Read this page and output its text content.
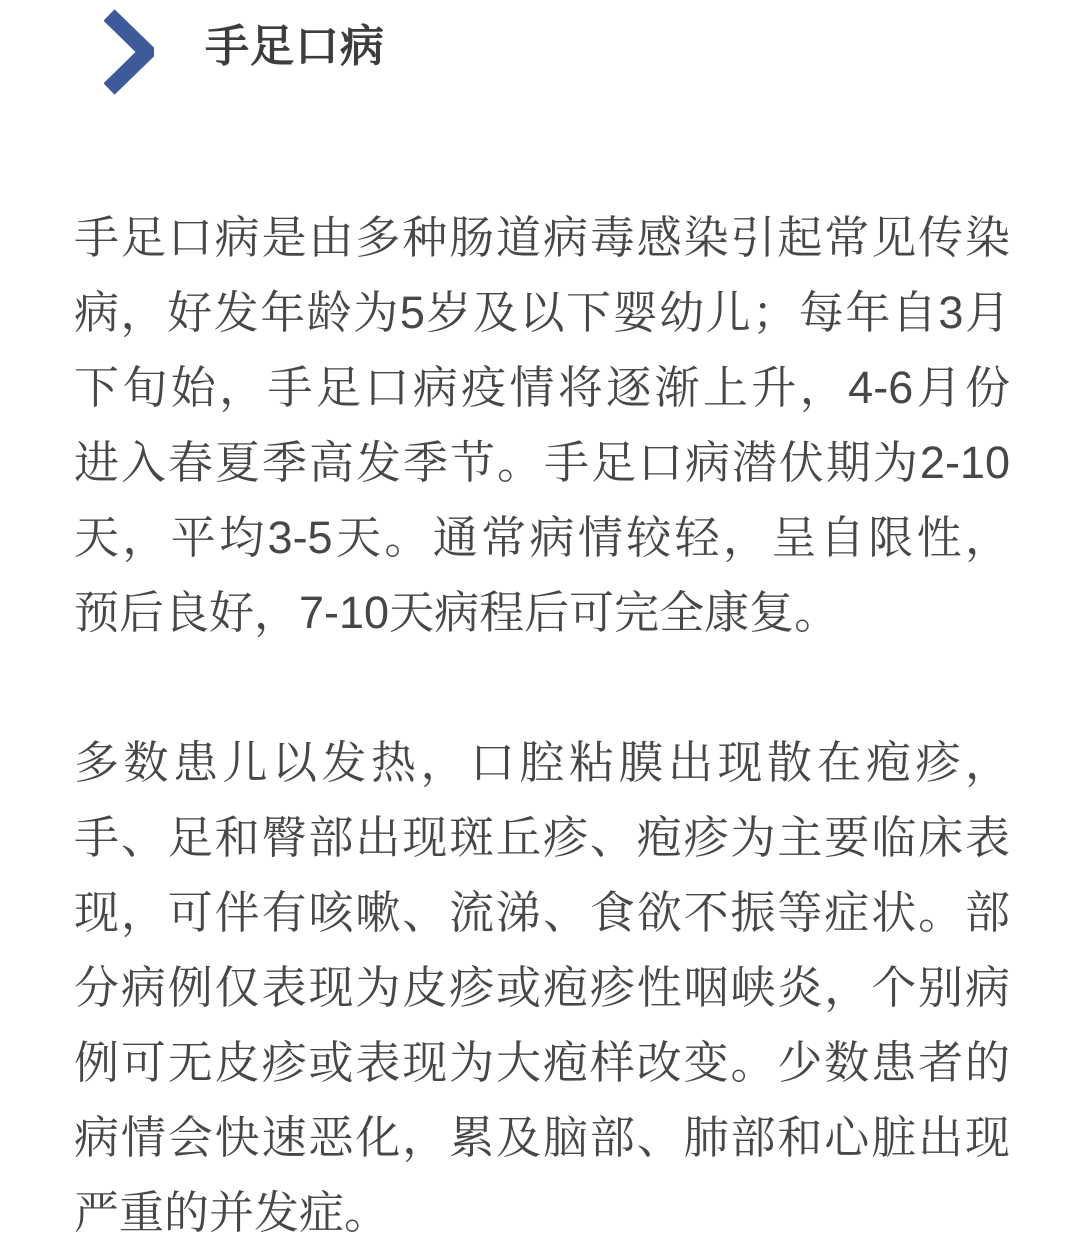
手足口病

手足口病是由多种肠道病毒感染引起常见传染
病，好发年龄为5岁及以下婴幼儿；每年自3月
下旬始，手足口病疫情将逐渐上升，4-6月份
进入春夏季高发季节。手足口病潜伏期为2-10
天，平均3-5天。通常病情较轻，呈自限性，
预后良好，7-10天病程后可完全康复。

多数患儿以发热，口腔粘膜出现散在疱疹，
手、足和臀部出现斑丘疹、疱疹为主要临床表
现，可伴有咳嗽、流涕、食欲不振等症状。部
分病例仅表现为皮疹或疱疹性咽峡炎，个别病
例可无皮疹或表现为大疱样改变。少数患者的
病情会快速恶化，累及脑部、肺部和心脏出现
严重的并发症。
